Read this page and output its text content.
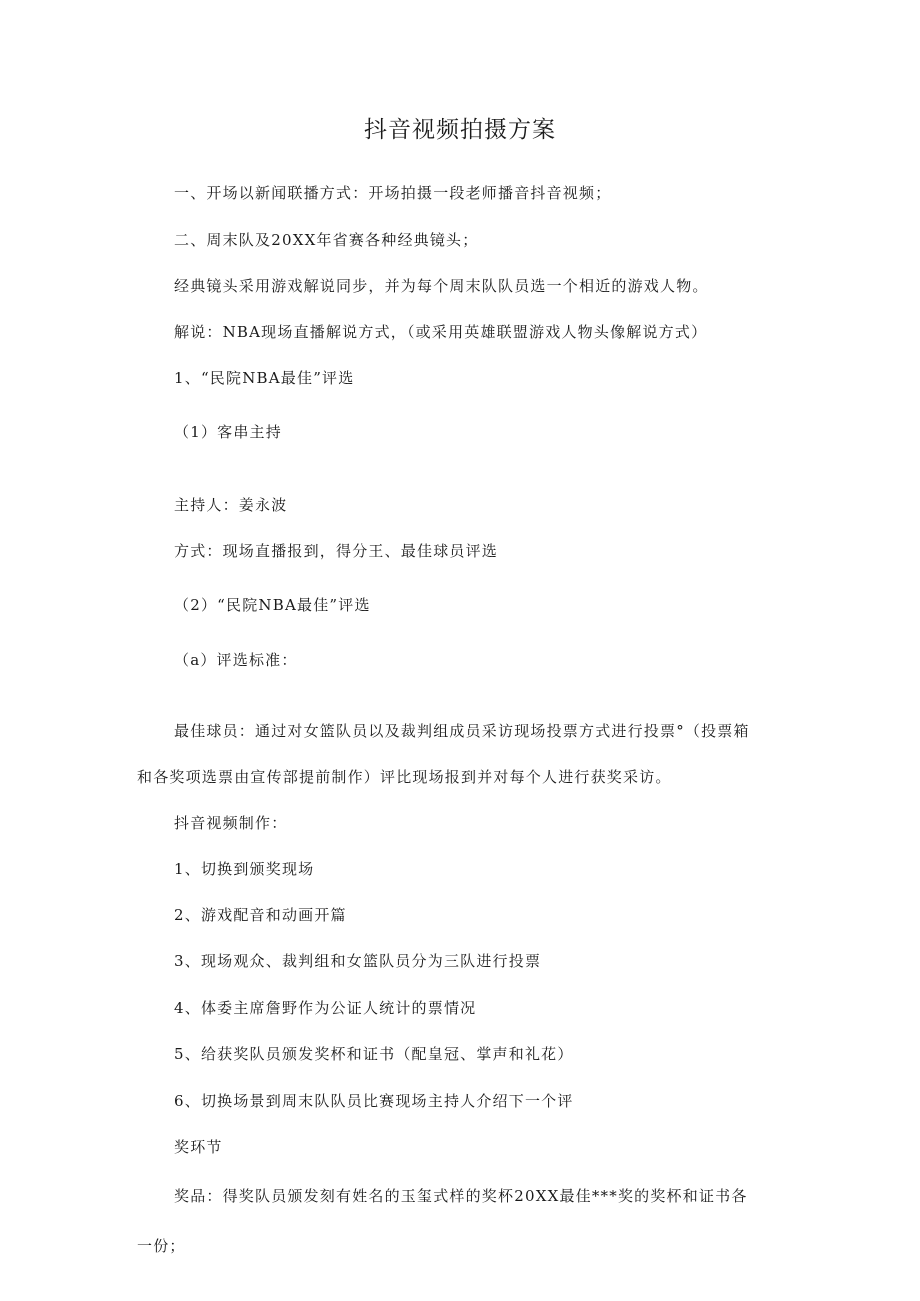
抖音视频拍摄方案
一、开场以新闻联播方式：开场拍摄一段老师播音抖音视频；
二、周末队及20XX年省赛各种经典镜头；
经典镜头采用游戏解说同步，并为每个周末队队员选一个相近的游戏人物。
解说：NBA现场直播解说方式，（或采用英雄联盟游戏人物头像解说方式）
1、“民院NBA最佳”评选
（1）客串主持
主持人：姜永波
方式：现场直播报到，得分王、最佳球员评选
（2）“民院NBA最佳”评选
（a）评选标准：
最佳球员：通过对女篮队员以及裁判组成员采访现场投票方式进行投票°（投票箱
和各奖项选票由宣传部提前制作）评比现场报到并对每个人进行获奖采访。
抖音视频制作：
1、切换到颁奖现场
2、游戏配音和动画开篇
3、现场观众、裁判组和女篮队员分为三队进行投票
4、体委主席詹野作为公证人统计的票情况
5、给获奖队员颁发奖杯和证书（配皇冠、掌声和礼花）
6、切换场景到周末队队员比赛现场主持人介绍下一个评
奖环节
奖品：得奖队员颁发刻有姓名的玉玺式样的奖杯20XX最佳***奖的奖杯和证书各
一份；
